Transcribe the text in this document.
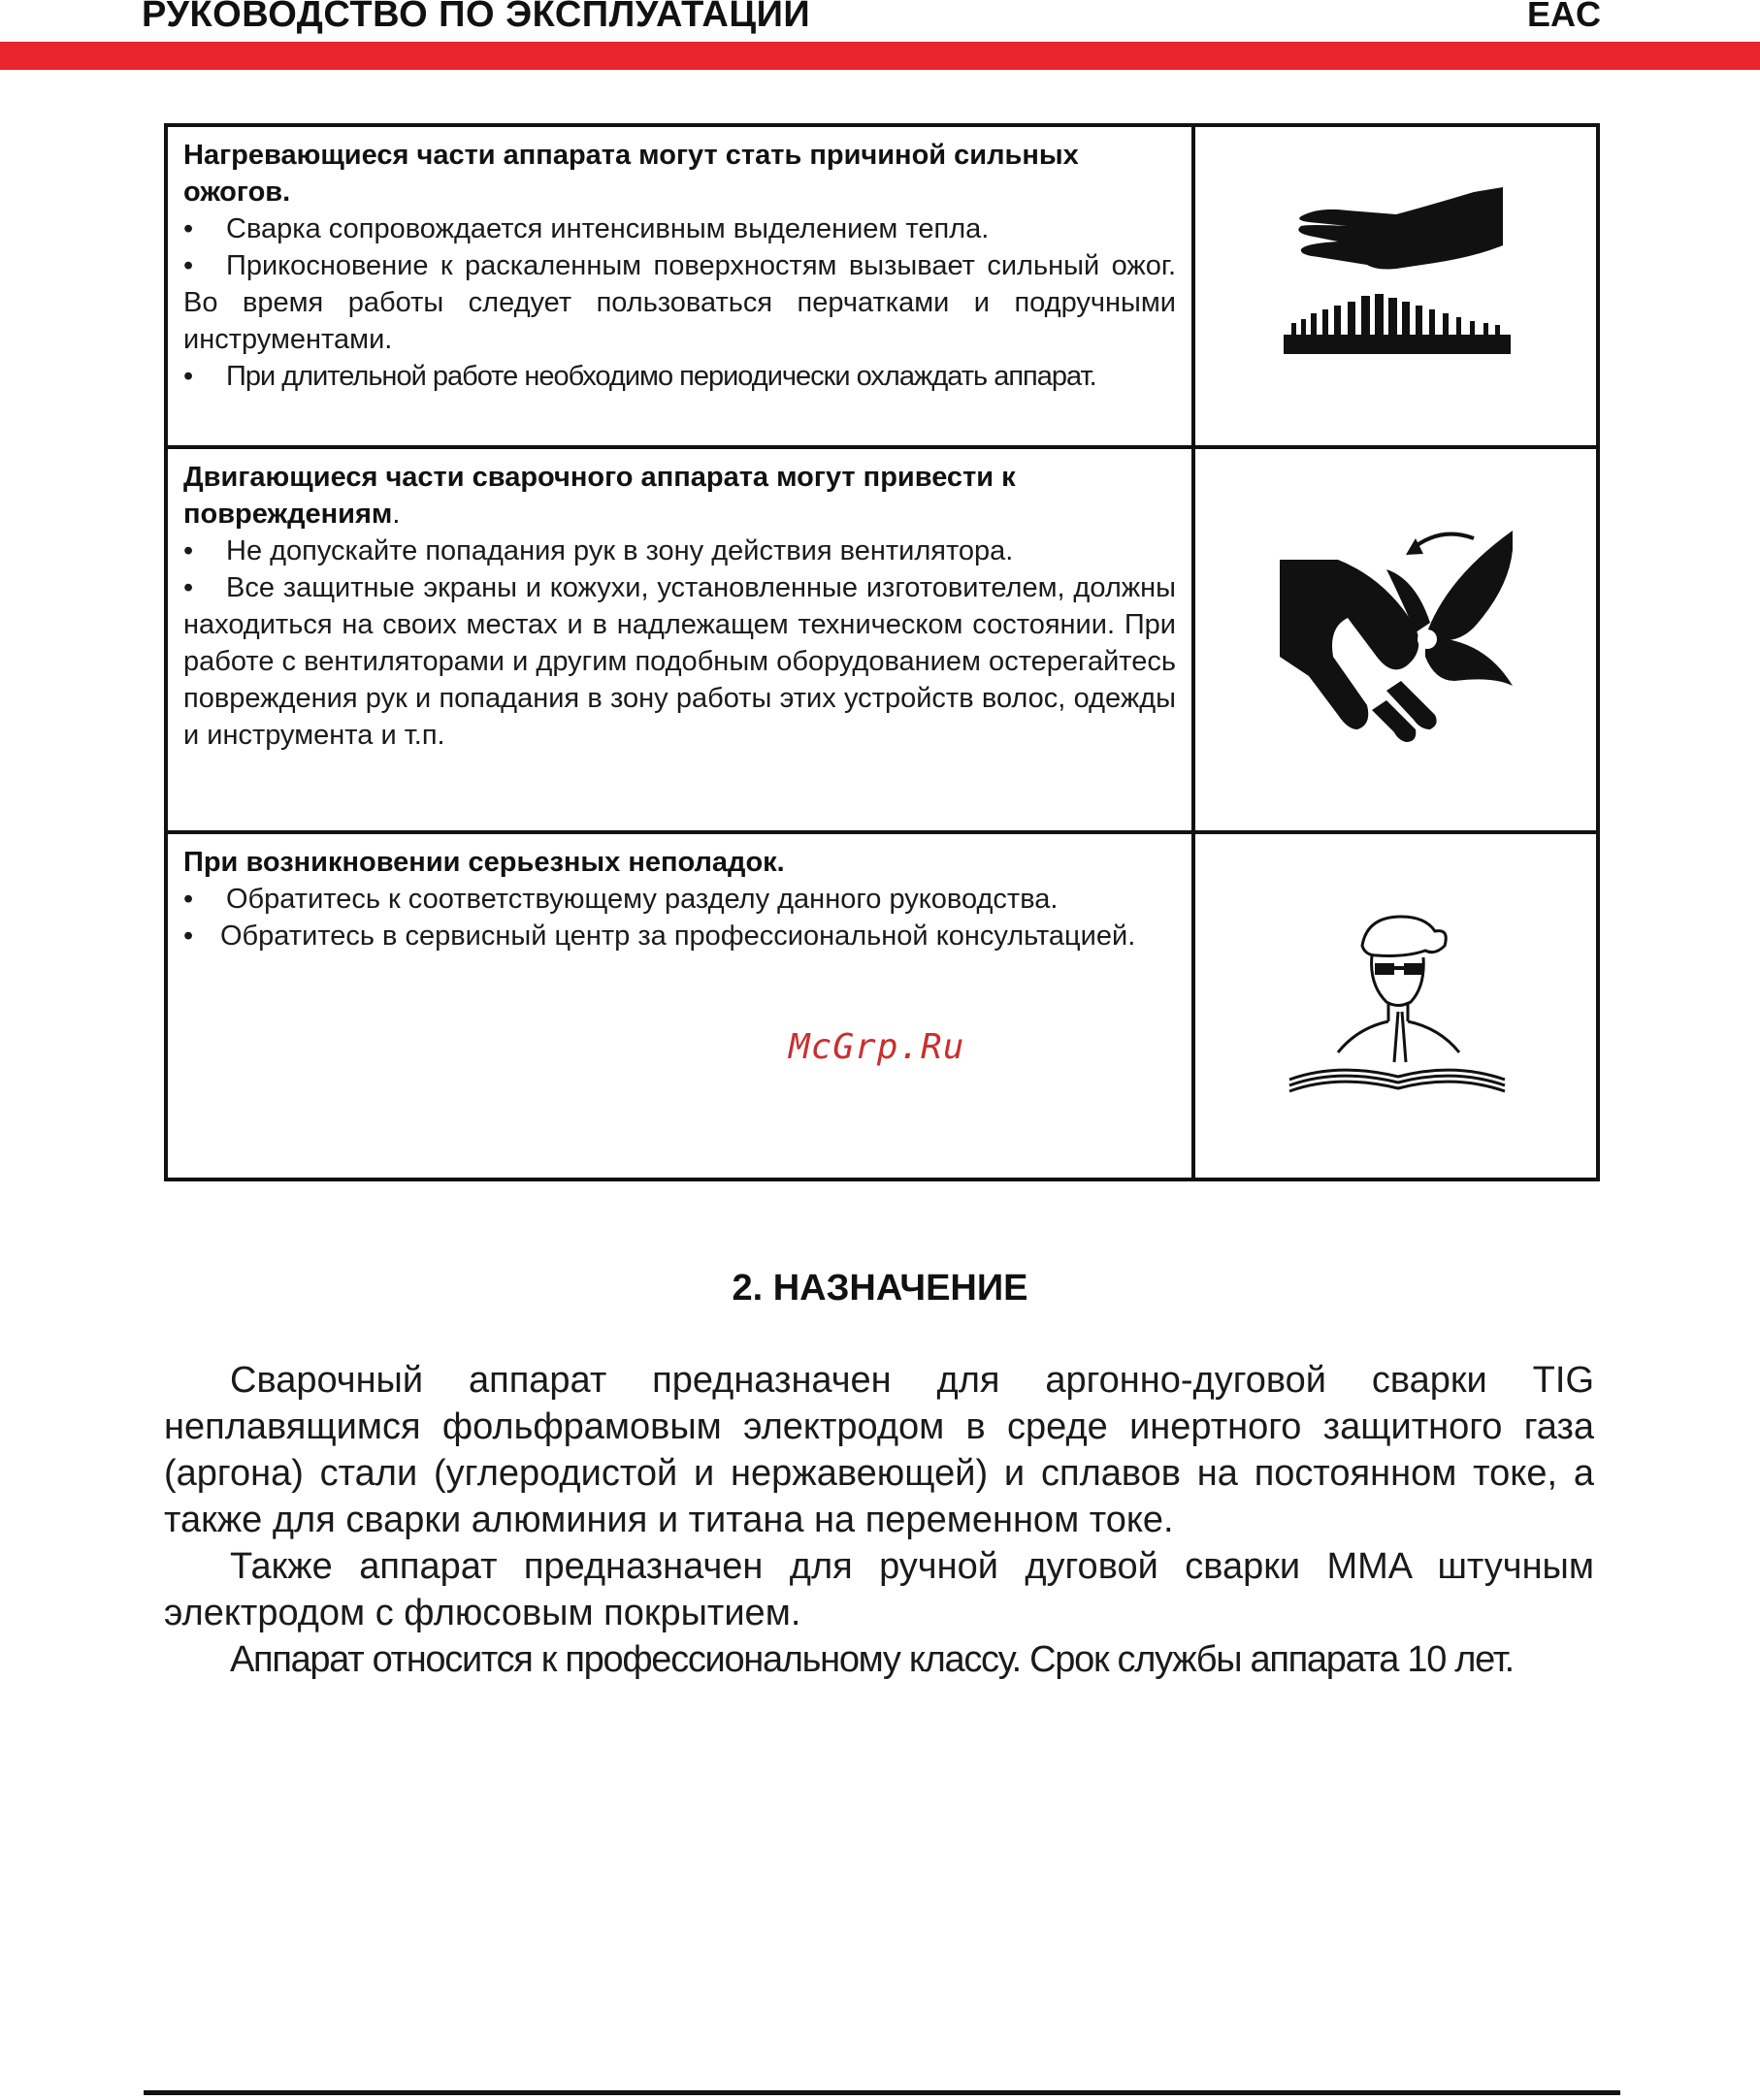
РУКОВОДСТВО ПО ЭКСПЛУАТАЦИИ	EAC
Нагревающиеся части аппарата могут стать причиной сильных ожогов.
• Сварка сопровождается интенсивным выделением тепла.
• Прикосновение к раскаленным поверхностям вызывает сильный ожог. Во время работы следует пользоваться перчатками и подручными инструментами.
• При длительной работе необходимо периодически охлаждать аппарат.

Двигающиеся части сварочного аппарата могут привести к повреждениям.
• Не допускайте попадания рук в зону действия вентилятора.
• Все защитные экраны и кожухи, установленные изготовителем, должны находиться на своих местах и в надлежащем техническом состоянии. При работе с вентиляторами и другим подобным оборудованием остерегайтесь повреждения рук и попадания в зону работы этих устройств волос, одежды и инструмента и т.п.

При возникновении серьезных неполадок.
• Обратитесь к соответствующему разделу данного руководства.
• Обратитесь в сервисный центр за профессиональной консультацией.

McGrp.Ru
2. НАЗНАЧЕНИЕ

Сварочный аппарат предназначен для аргонно-дуговой сварки TIG неплавящимся фольфрамовым электродом в среде инертного защитного газа (аргона) стали (углеродистой и нержавеющей) и сплавов на постоянном токе, а также для сварки алюминия и титана на переменном токе.

Также аппарат предназначен для ручной дуговой сварки MMA штучным электродом с флюсовым покрытием.

Аппарат относится к профессиональному классу. Срок службы аппарата 10 лет.
